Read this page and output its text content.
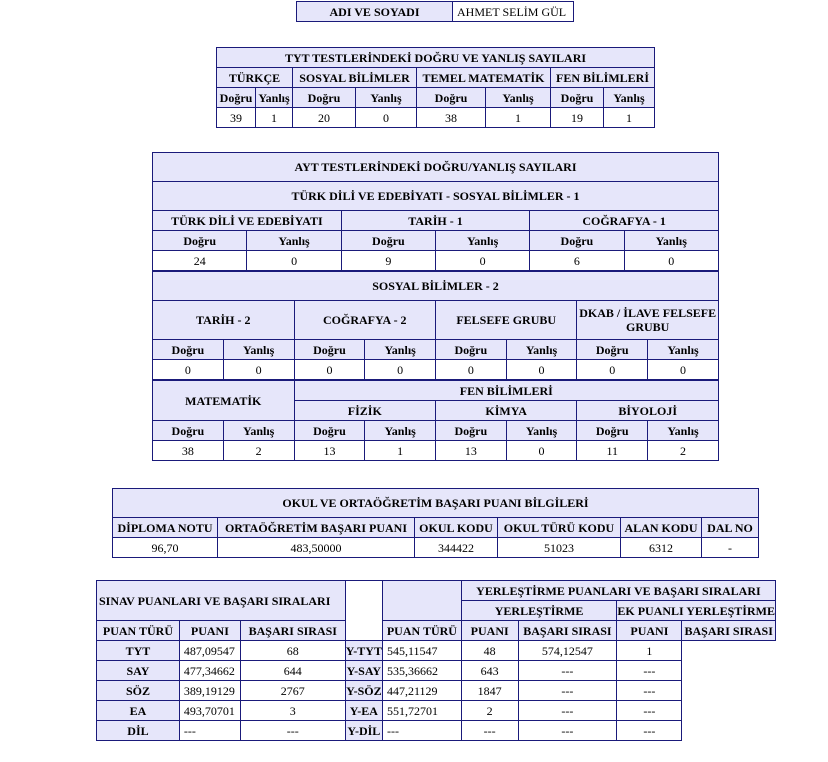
ADI VE SOYADI	AHMET SELİM GÜL
TYT TESTLERİNDEKİ DOĞRU VE YANLIŞ SAYILARI							
TÜRKÇE		SOSYAL BİLİMLER		TEMEL MATEMATİK		FEN BİLİMLERİ	
Doğru	Yanlış	Doğru	Yanlış	Doğru	Yanlış	Doğru	Yanlış
39	1	20	0	38	1	19	1
AYT TESTLERİNDEKİ DOĞRU/YANLIŞ SAYILARI											
TÜRK DİLİ VE EDEBİYATI - SOSYAL BİLİMLER - 1											
TÜRK DİLİ VE EDEBİYATI				TARİH - 1				COĞRAFYA - 1			
Doğru		Yanlış		Doğru		Yanlış		Doğru		Yanlış	
24		0		9		0		6		0	
SOSYAL BİLİMLER - 2											
TARİH - 2			COĞRAFYA - 2			FELSEFE GRUBU			DKAB / İLAVE FELSEFE GRUBU		
Doğru	Yanlış		Doğru		Yanlış	Doğru	Yanlış		Doğru		Yanlış
0	0		0		0	0	0		0		0
MATEMATİK			FEN BİLİMLERİ								
			FİZİK			KİMYA			BİYOLOJİ		
Doğru	Yanlış		Doğru		Yanlış	Doğru	Yanlış		Doğru		Yanlış
38	2		13		1	13	0		11		2
OKUL VE ORTAÖĞRETİM BAŞARI PUANI BİLGİLERİ					
DİPLOMA NOTU	ORTAÖĞRETİM BAŞARI PUANI	OKUL KODU	OKUL TÜRÜ KODU	ALAN KODU	DAL NO
96,70	483,50000	344422	51023	6312	-
SINAV PUANLARI VE BAŞARI SIRALARI					YERLEŞTİRME PUANLARI VE BAŞARI SIRALARI			
					YERLEŞTİRME		EK PUANLI YERLEŞTİRME	
PUAN TÜRÜ	PUANI	BAŞARI SIRASI		PUAN TÜRÜ	PUANI	BAŞARI SIRASI	PUANI	BAŞARI SIRASI
TYT	487,09547	68	Y-TYT	545,11547	48	574,12547	1	
SAY	477,34662	644	Y-SAY	535,36662	643	---	---	
SÖZ	389,19129	2767	Y-SÖZ	447,21129	1847	---	---	
EA	493,70701	3	Y-EA	551,72701	2	---	---	
DİL	---	---	Y-DİL	---	---	---	---	
